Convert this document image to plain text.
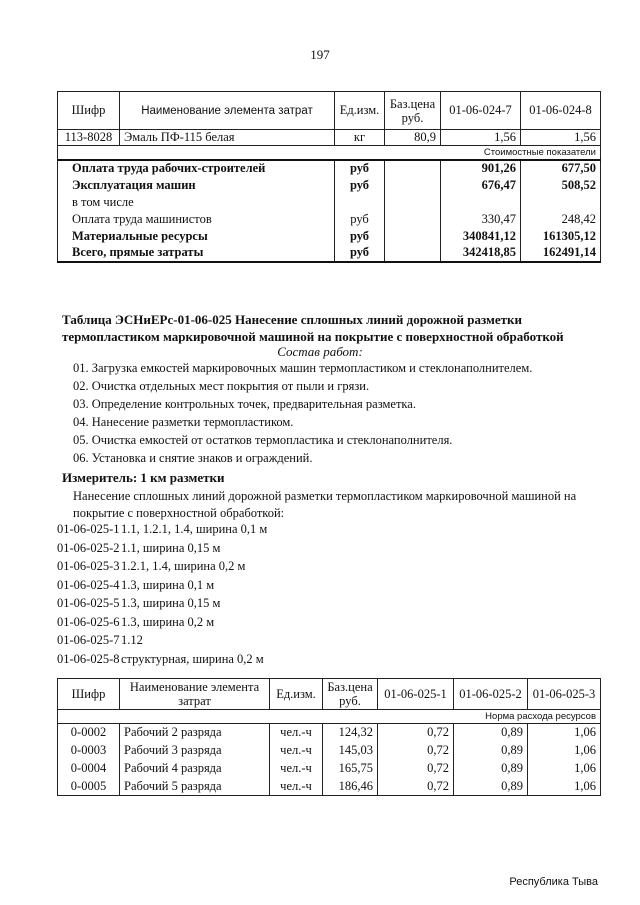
197
Шифр	Наименование элемента затрат	Ед.изм.	Баз.цена руб.	01-06-024-7	01-06-024-8
113-8028	Эмаль ПФ-115 белая	кг	80,9	1,56	1,56
Стоимостные показатели					
Оплата труда рабочих-строителей		руб		901,26	677,50
Эксплуатация машин		руб		676,47	508,52
в том числе					
Оплата труда машинистов		руб		330,47	248,42
Материальные ресурсы		руб		340841,12	161305,12
Всего, прямые затраты		руб		342418,85	162491,14
Таблица ЭСНиЕРс-01-06-025 Нанесение сплошных линий дорожной разметки
термопластиком маркировочной машиной на покрытие с поверхностной обработкой
Состав работ:
01. Загрузка емкостей маркировочных машин термопластиком и стеклонаполнителем.
02. Очистка отдельных мест покрытия от пыли и грязи.
03. Определение контрольных точек, предварительная разметка.
04. Нанесение разметки термопластиком.
05. Очистка емкостей от остатков термопластика и стеклонаполнителя.
06. Установка и снятие знаков и ограждений.
Измеритель: 1 км разметки
Нанесение сплошных линий дорожной разметки термопластиком маркировочной машиной на покрытие с поверхностной обработкой:
01-06-025-1 1.1, 1.2.1, 1.4, ширина 0,1 м
01-06-025-2 1.1, ширина 0,15 м
01-06-025-3 1.2.1, 1.4, ширина 0,2 м
01-06-025-4 1.3, ширина 0,1 м
01-06-025-5 1.3, ширина 0,15 м
01-06-025-6 1.3, ширина 0,2 м
01-06-025-7 1.12
01-06-025-8 структурная, ширина 0,2 м
Шифр	Наименование элемента затрат	Ед.изм.	Баз.цена руб.	01-06-025-1	01-06-025-2	01-06-025-3
Норма расхода ресурсов						
0-0002	Рабочий 2 разряда	чел.-ч	124,32	0,72	0,89	1,06
0-0003	Рабочий 3 разряда	чел.-ч	145,03	0,72	0,89	1,06
0-0004	Рабочий 4 разряда	чел.-ч	165,75	0,72	0,89	1,06
0-0005	Рабочий 5 разряда	чел.-ч	186,46	0,72	0,89	1,06
Республика Тыва
